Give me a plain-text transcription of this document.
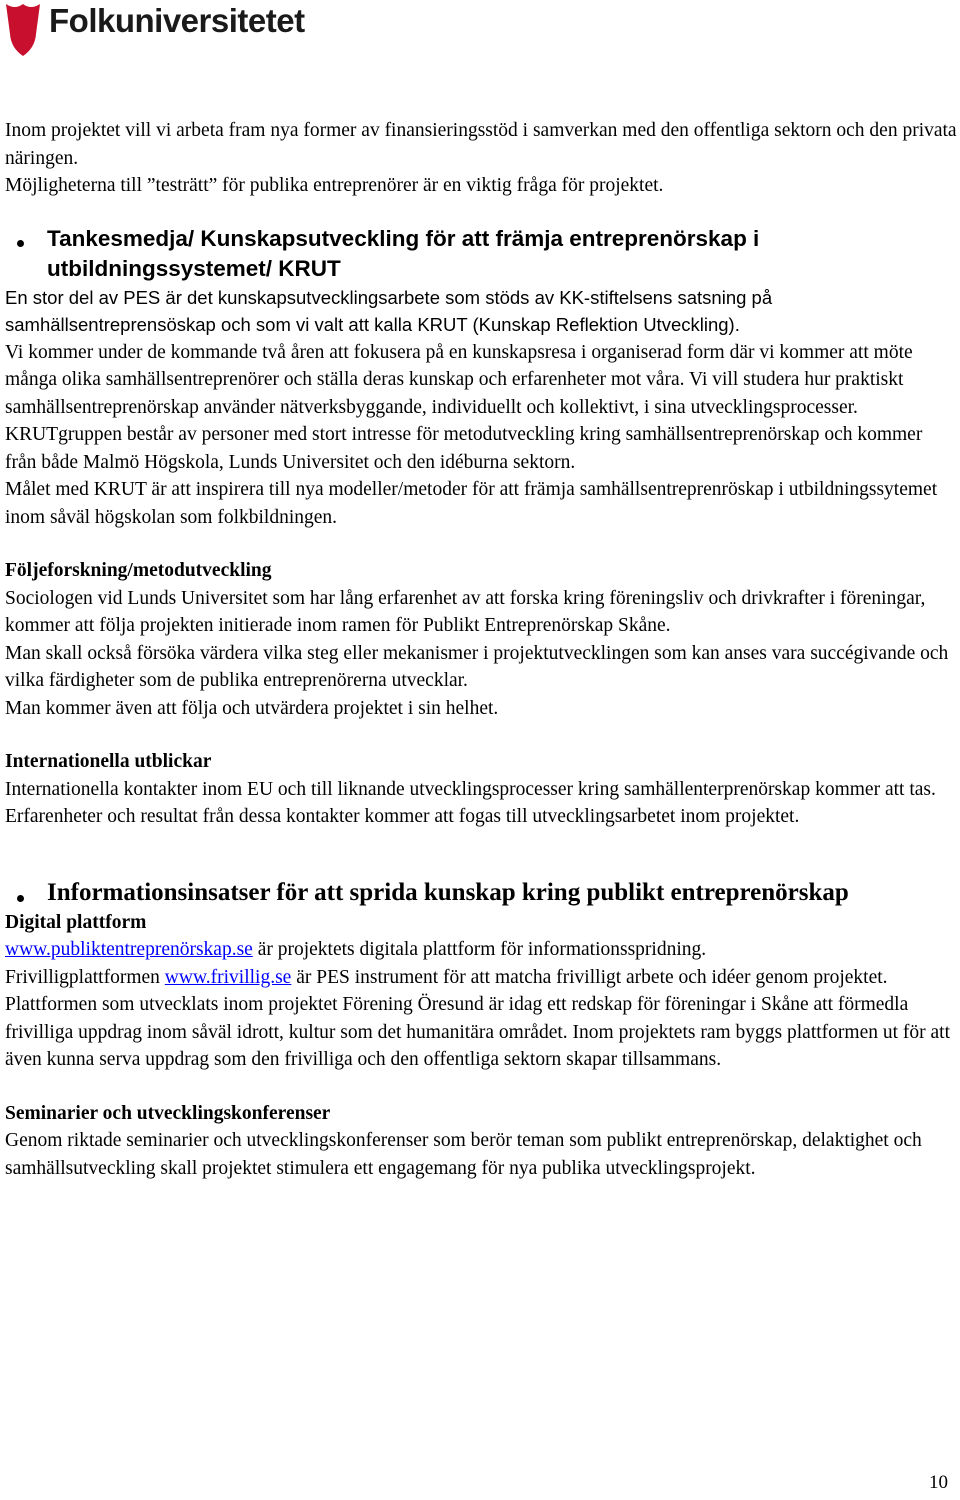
Folkuniversitetet

Inom projektet vill vi arbeta fram nya former av finansieringsstöd i samverkan med den offentliga sektorn och den privata näringen.

Möjligheterna till ”testrätt” för publika entreprenörer är en viktig fråga för projektet.

Tankesmedja/ Kunskapsutveckling för att främja entreprenörskap i utbildningssystemet/ KRUT

En stor del av PES är det kunskapsutvecklingsarbete som stöds av KK-stiftelsens satsning på samhällsentreprensöskap och som vi valt att kalla KRUT (Kunskap Reflektion Utveckling).

Vi kommer under de kommande två åren att fokusera på en kunskapsresa i organiserad form där vi kommer att möte många olika samhällsentreprenörer och ställa deras kunskap och erfarenheter mot våra. Vi vill studera hur praktiskt samhällsentreprenörskap använder nätverksbyggande, individuellt och kollektivt, i sina utvecklingsprocesser.

KRUTgruppen består av personer med stort intresse för metodutveckling kring samhällsentreprenörskap och kommer från både Malmö Högskola, Lunds Universitet och den idéburna sektorn.

Målet med KRUT är att inspirera till nya modeller/metoder för att främja samhällsentreprenröskap i utbildningssytemet inom såväl högskolan som folkbildningen.

Följeforskning/metodutveckling

Sociologen vid Lunds Universitet som har lång erfarenhet av att forska kring föreningsliv och drivkrafter i föreningar, kommer att följa projekten initierade inom ramen för Publikt Entreprenörskap Skåne.

Man skall också försöka värdera vilka steg eller mekanismer i projektutvecklingen som kan anses vara succégivande och vilka färdigheter som de publika entreprenörerna utvecklar.

Man kommer även att följa och utvärdera projektet i sin helhet.

Internationella utblickar

Internationella kontakter inom EU och till liknande utvecklingsprocesser kring samhällenterprenörskap kommer att tas. Erfarenheter och resultat från dessa kontakter kommer att fogas till utvecklingsarbetet inom projektet.

Informationsinsatser för att sprida kunskap kring publikt entreprenörskap

Digital plattform

www.publiktentreprenörskap.se är projektets digitala plattform för informationsspridning.

Frivilligplattformen www.frivillig.se är PES instrument för att matcha frivilligt arbete och idéer genom projektet. Plattformen som utvecklats inom projektet Förening Öresund är idag ett redskap för föreningar i Skåne att förmedla frivilliga uppdrag inom såväl idrott, kultur som det humanitära området. Inom projektets ram byggs plattformen ut för att även kunna serva uppdrag som den frivilliga och den offentliga sektorn skapar tillsammans.

Seminarier och utvecklingskonferenser

Genom riktade seminarier och utvecklingskonferenser som berör teman som publikt entreprenörskap, delaktighet och samhällsutveckling skall projektet stimulera ett engagemang för nya publika utvecklingsprojekt.

10
